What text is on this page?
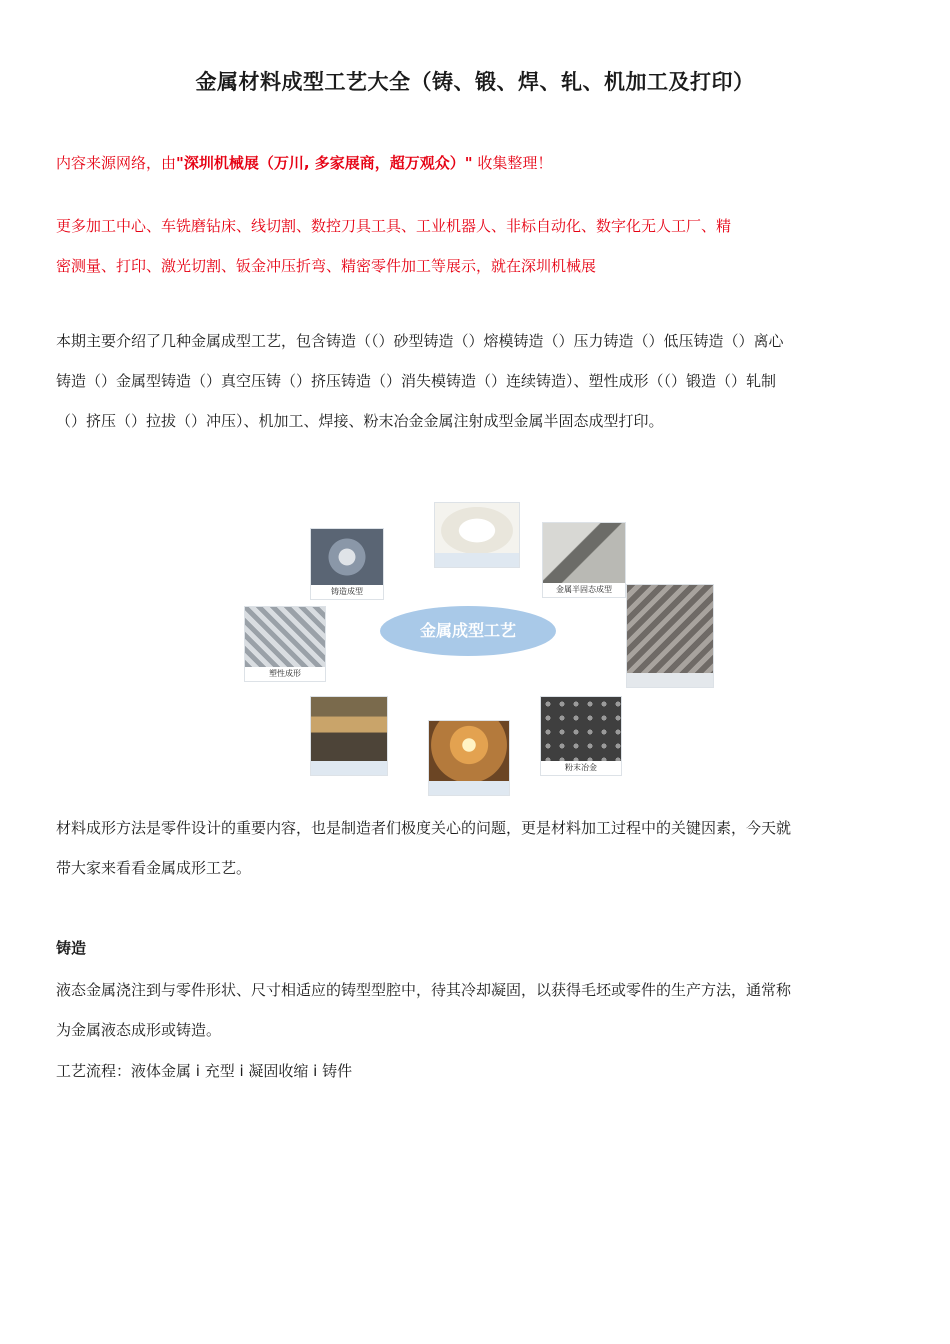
金属材料成型工艺大全（铸、锻、焊、轧、机加工及打印）
内容来源网络，由"深圳机械展（万川, 多家展商，超万观众）" 收集整理！
更多加工中心、车铣磨钻床、线切割、数控刀具工具、工业机器人、非标自动化、数字化无人工厂、精
密测量、打印、激光切割、钣金冲压折弯、精密零件加工等展示，就在深圳机械展
本期主要介绍了几种金属成型工艺，包含铸造（（）砂型铸造（）熔模铸造（）压力铸造（）低压铸造（）离心
铸造（）金属型铸造（）真空压铸（）挤压铸造（）消失模铸造（）连续铸造）、塑性成形（（）锻造（）轧制
（）挤压（）拉拔（）冲压）、机加工、焊接、粉末冶金金属注射成型金属半固态成型打印。
金属成型工艺
铸造成型	金属半固态成型
塑性成形
粉末冶金
材料成形方法是零件设计的重要内容，也是制造者们极度关心的问题，更是材料加工过程中的关键因素，今天就
带大家来看看金属成形工艺。
铸造
液态金属浇注到与零件形状、尺寸相适应的铸型型腔中，待其冷却凝固，以获得毛坯或零件的生产方法，通常称
为金属液态成形或铸造。
工艺流程：液体金属 i 充型 i 凝固收缩 i 铸件
